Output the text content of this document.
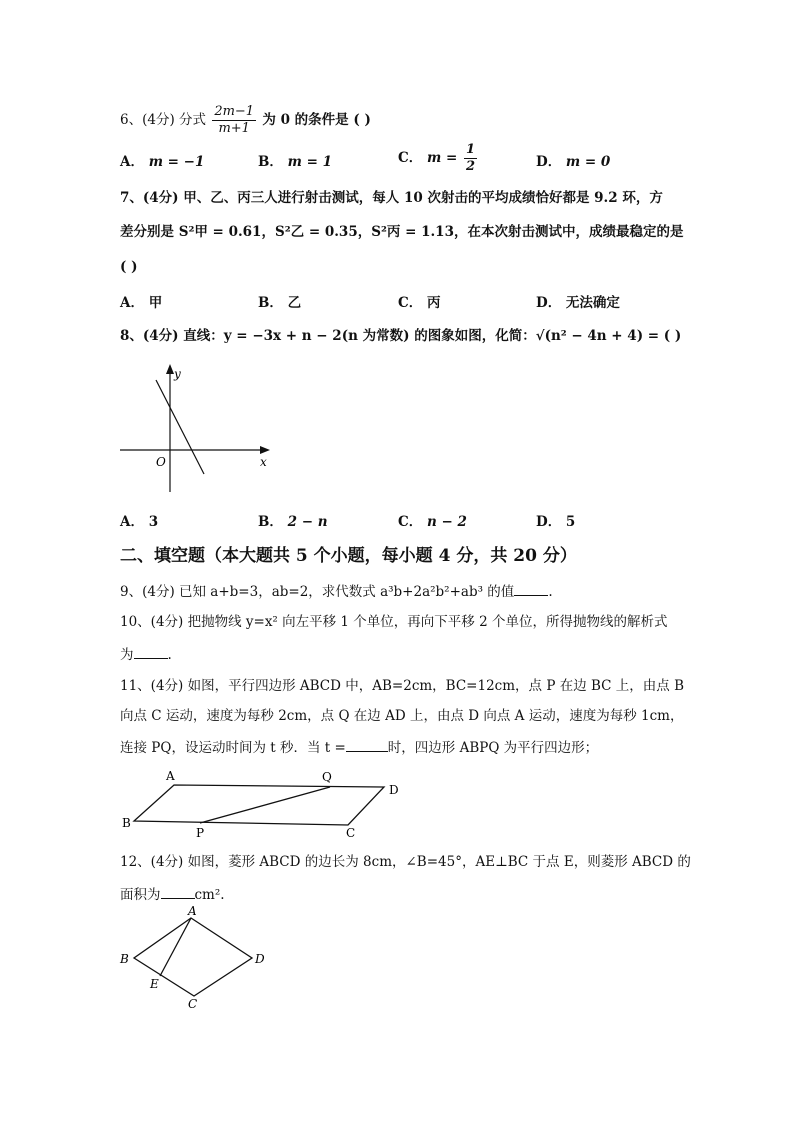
6、(4分) 分式 $\frac{2m-1}{m+1}$ 为 0 的条件是 ( )
A． m = −1	B． m = 1	C． $m = \frac{1}{2}$	D． m = 0
7、(4分) 甲、乙、丙三人进行射击测试，每人 10 次射击的平均成绩恰好都是 9.2 环，方
差分别是 S²甲 = 0.61，S²乙 = 0.35，S²丙 = 1.13，在本次射击测试中，成绩最稳定的是
( )
A． 甲	B． 乙	C． 丙	D． 无法确定
8、(4分) 直线：y = −3x + n − 2(n 为常数) 的图象如图，化简：√(n² − 4n + 4) = ( )
y
x
O
A． 3	B． 2 − n	C． n − 2	D． 5
二、填空题（本大题共 5 个小题，每小题 4 分，共 20 分）
9、(4分) 已知 a+b=3，ab=2，求代数式 a³b+2a²b²+ab³ 的值	.
10、(4分) 把抛物线 y=x² 向左平移 1 个单位，再向下平移 2 个单位，所得抛物线的解析式
为	.
11、(4分) 如图，平行四边形 ABCD 中，AB=2cm，BC=12cm，点 P 在边 BC 上，由点 B
向点 C 运动，速度为每秒 2cm，点 Q 在边 AD 上，由点 D 向点 A 运动，速度为每秒 1cm，
连接 PQ，设运动时间为 t 秒．当 t =	时，四边形 ABPQ 为平行四边形；
A	Q
D
B
P	C
12、(4分) 如图，菱形 ABCD 的边长为 8cm，∠B=45°，AE⊥BC 于点 E，则菱形 ABCD 的
面积为	cm².
A
B	D
E
C
